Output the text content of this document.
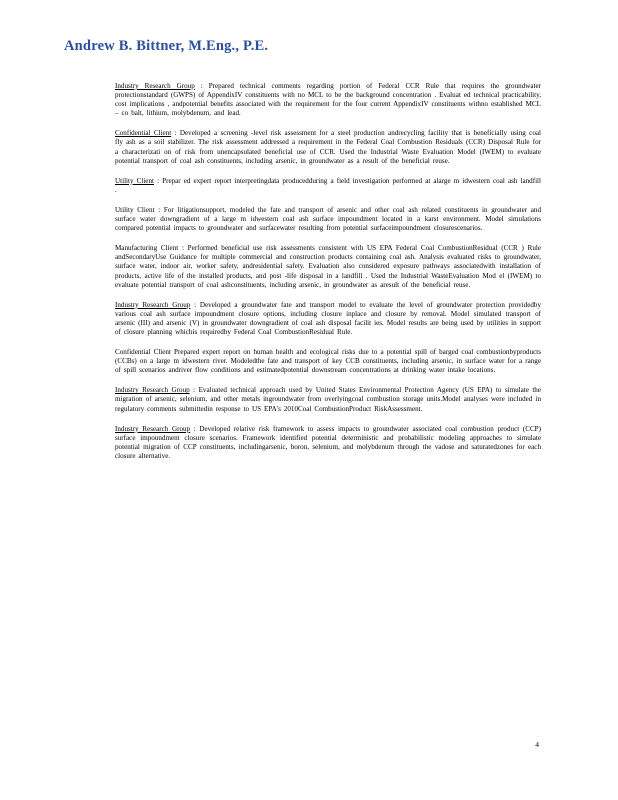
Andrew B. Bittner, M.Eng., P.E.

Industry Research Group : Prepared technical comments regarding portion of Federal CCR Rule that requires the groundwater protectionstandard (GWPS) of AppendixIV constituents with no MCL to be the background concentration . Evaluat ed technical practicability, cost implications , andpotential benefits associated with the requirement for the four current AppendixIV constituents withno established MCL – co balt, lithium, molybdenum, and lead.

Confidential Client : Developed a screening -level risk assessment for a steel production andrecycling facility that is beneficially using coal fly ash as a soil stabilizer. The risk assessment addressed a requirement in the Federal Coal Combustion Residuals (CCR) Disposal Rule for a characterizati on of risk from unencapsulated beneficial use of CCR. Used the Industrial Waste Evaluation Model (IWEM) to evaluate potential transport of coal ash constituents, including arsenic, in groundwater as a result of the beneficial reuse.

Utility Client : Prepar ed expert report interpretingdata producedduring a field investigation performed at alarge m idwestern coal ash landfill .

Utility Client : For litigationsupport, modeled the fate and transport of arsenic and other coal ash related constituents in groundwater and surface water downgradient of a large m idwestern coal ash surface impoundment located in a karst environment. Model simulations compared potential impacts to groundwater and surfacewater resulting from potential surfaceimpoundment closurescenarios.

Manufacturing Client : Performed beneficial use risk assessments consistent with US EPA Federal Coal CombustionResidual (CCR ) Rule andSecondaryUse Guidance for multiple commercial and construction products containing coal ash. Analysis evaluated risks to groundwater, surface water, indoor air, worker safety, andresidential safety. Evaluation also considered exposure pathways associatedwith installation of products, active life of the installed products, and post -life disposal in a landfill . Used the Industrial WasteEvaluation Mod el (IWEM) to evaluate potential transport of coal ashconstituents, including arsenic, in groundwater as aresult of the beneficial reuse.

Industry Research Group : Developed a groundwater fate and transport model to evaluate the level of groundwater protection providedby various coal ash surface impoundment closure options, including closure inplace and closure by removal. Model simulated transport of arsenic (III) and arsenic (V) in groundwater downgradient of coal ash disposal facilit ies. Model results are being used by utilities in support of closure planning whichis requiredby Federal Coal CombustionResidual Rule.

Confidential Client Prepared expert report on human health and ecological risks due to a potential spill of barged coal combustionbyproducts (CCBs) on a large m idwestern river. Modeledthe fate and transport of key CCB constituents, including arsenic, in surface water for a range of spill scenarios andriver flow conditions and estimatedpotential downstream concentrations at drinking water intake locations.

Industry Research Group : Evaluated technical approach used by United States Environmental Protection Agency (US EPA) to simulate the migration of arsenic, selenium, and other metals ingroundwater from overlyingcoal combustion storage units.Model analyses were included in regulatory comments submittedin response to US EPA's 2010Coal CombustionProduct RiskAssessment.

Industry Research Group : Developed relative risk framework to assess impacts to groundwater associated coal combustion product (CCP) surface impoundment closure scenarios. Framework identified potential deterministic and probabilistic modeling approaches to simulate potential migration of CCP constituents, includingarsenic, boron, selenium, and molybdenum through the vadose and saturatedzones for each closure alternative.

4
